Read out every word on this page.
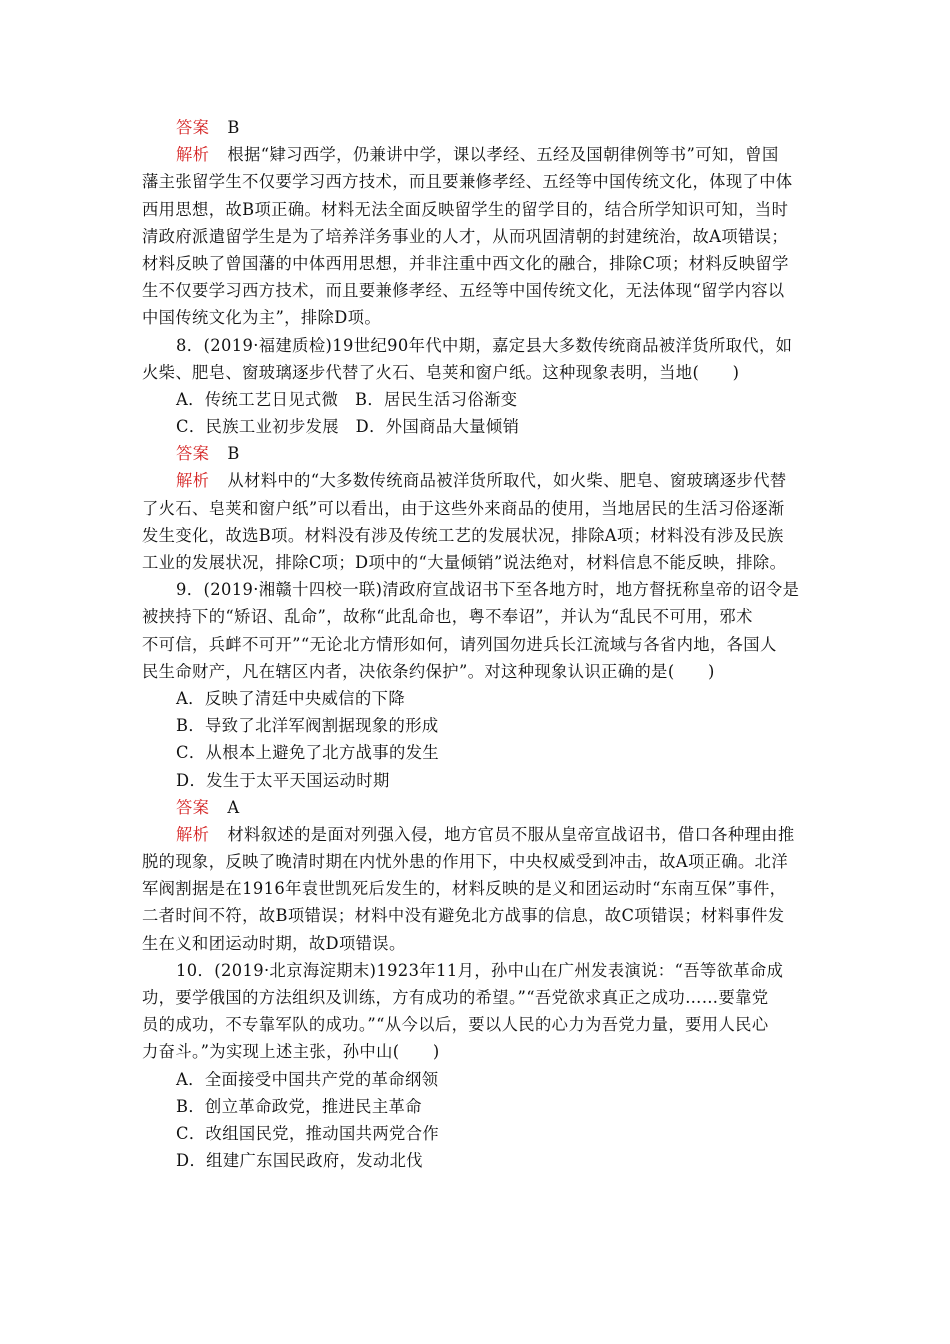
答案 B
解析 根据“肄习西学，仍兼讲中学，课以孝经、五经及国朝律例等书”可知，曾国
藩主张留学生不仅要学习西方技术，而且要兼修孝经、五经等中国传统文化，体现了中体
西用思想，故B项正确。材料无法全面反映留学生的留学目的，结合所学知识可知，当时
清政府派遣留学生是为了培养洋务事业的人才，从而巩固清朝的封建统治，故A项错误；
材料反映了曾国藩的中体西用思想，并非注重中西文化的融合，排除C项；材料反映留学
生不仅要学习西方技术，而且要兼修孝经、五经等中国传统文化，无法体现“留学内容以
中国传统文化为主”，排除D项。
8．(2019·福建质检)19世纪90年代中期，嘉定县大多数传统商品被洋货所取代，如
火柴、肥皂、窗玻璃逐步代替了火石、皂荚和窗户纸。这种现象表明，当地(　　)
A．传统工艺日见式微　B．居民生活习俗渐变
C．民族工业初步发展　D．外国商品大量倾销
答案 B
解析 从材料中的“大多数传统商品被洋货所取代，如火柴、肥皂、窗玻璃逐步代替
了火石、皂荚和窗户纸”可以看出，由于这些外来商品的使用，当地居民的生活习俗逐渐
发生变化，故选B项。材料没有涉及传统工艺的发展状况，排除A项；材料没有涉及民族
工业的发展状况，排除C项；D项中的“大量倾销”说法绝对，材料信息不能反映，排除。
9．(2019·湘赣十四校一联)清政府宣战诏书下至各地方时，地方督抚称皇帝的诏令是
被挟持下的“矫诏、乱命”，故称“此乱命也，粤不奉诏”，并认为“乱民不可用，邪术
不可信，兵衅不可开”“无论北方情形如何，请列国勿进兵长江流域与各省内地，各国人
民生命财产，凡在辖区内者，决依条约保护”。对这种现象认识正确的是(　　)
A．反映了清廷中央威信的下降
B．导致了北洋军阀割据现象的形成
C．从根本上避免了北方战事的发生
D．发生于太平天国运动时期
答案 A
解析 材料叙述的是面对列强入侵，地方官员不服从皇帝宣战诏书，借口各种理由推
脱的现象，反映了晚清时期在内忧外患的作用下，中央权威受到冲击，故A项正确。北洋
军阀割据是在1916年袁世凯死后发生的，材料反映的是义和团运动时“东南互保”事件，
二者时间不符，故B项错误；材料中没有避免北方战事的信息，故C项错误；材料事件发
生在义和团运动时期，故D项错误。
10．(2019·北京海淀期末)1923年11月，孙中山在广州发表演说：“吾等欲革命成
功，要学俄国的方法组织及训练，方有成功的希望。”“吾党欲求真正之成功……要靠党
员的成功，不专靠军队的成功。”“从今以后，要以人民的心力为吾党力量，要用人民心
力奋斗。”为实现上述主张，孙中山(　　)
A．全面接受中国共产党的革命纲领
B．创立革命政党，推进民主革命
C．改组国民党，推动国共两党合作
D．组建广东国民政府，发动北伐
